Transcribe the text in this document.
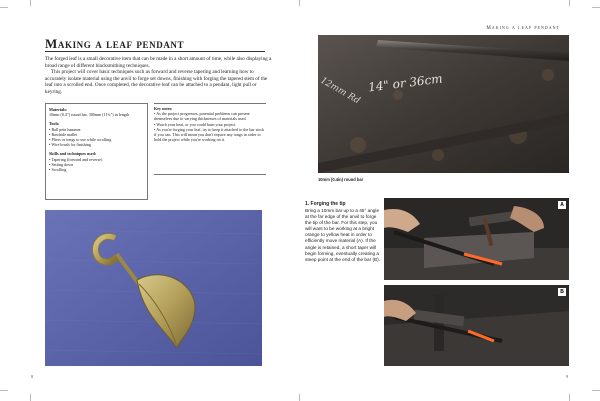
Making a leaf pendant
Making a leaf pendant

The forged leaf is a small decorative item that can be made in a short amount of time, while also displaying a broad range of different blacksmithing techniques.

This project will cover basic techniques such as forward and reverse tapering and learning how to accurately isolate material using the anvil to forge set downs, finishing with forging the tapered stem of the leaf into a scrolled end. Once completed, the decorative leaf can be attached to a pendant, light pull or keyring.

Materials:
10mm (0.4") round bar, 300mm (11¾") in length
Tools:
• Ball pein hammer
• Rawhide mallet
• Pliers or tongs to use while scrolling
• Wire brush for finishing
Skills and techniques used:
• Tapering (forward and reverse)
• Setting down
• Scrolling
Key notes:
• As the project progresses, potential problems can present themselves due to varying thicknesses of materials used.
• Watch your heat, or you could burn your project.
• As you're forging your leaf, try to keep it attached to the bar stock if you can. This will mean you don't require any tongs in order to hold the project while you're working on it.
14" or 36cm
12mm Rd
10mm (0.4in) round bar
1. Forging the tip

Bring a 10mm bar up to a 45° angle at the far edge of the anvil to forge the tip of the bar. For this step, you will want to be working at a bright orange to yellow heat in order to efficiently move material (A). If the angle is retained, a short taper will begin forming, eventually creating a steep point at the end of the bar (B).

A
B
8	9
